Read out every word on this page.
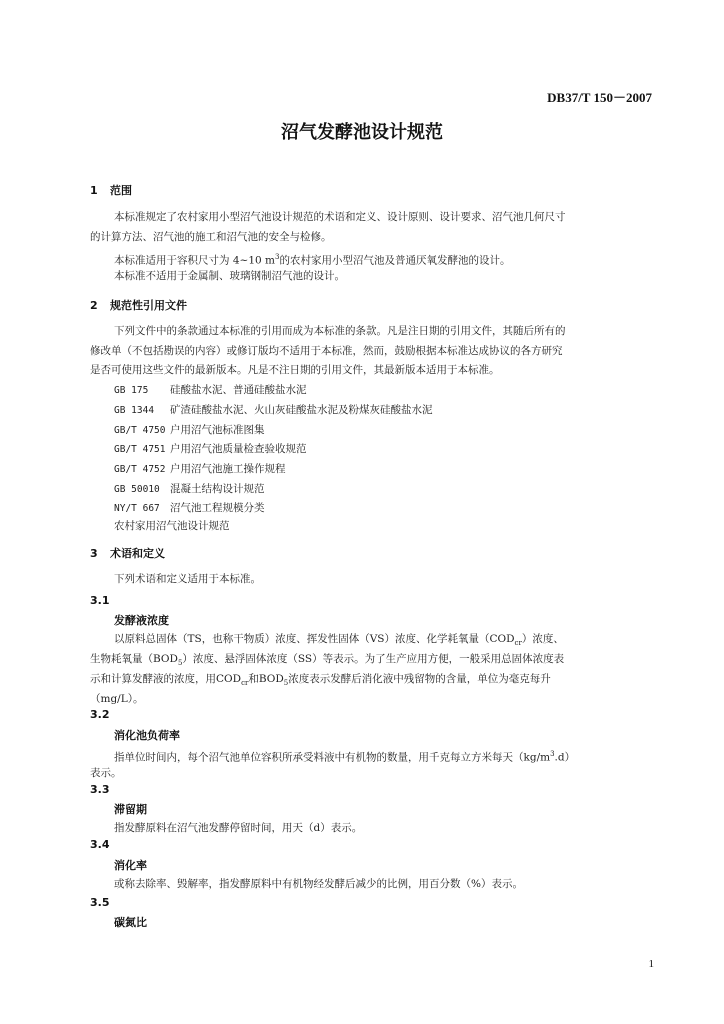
DB37/T 150－2007
沼气发酵池设计规范
1 范围
本标准规定了农村家用小型沼气池设计规范的术语和定义、设计原则、设计要求、沼气池几何尺寸
的计算方法、沼气池的施工和沼气池的安全与检修。
本标准适用于容积尺寸为 4~10 $m^3$的农村家用小型沼气池及普通厌氧发酵池的设计。
本标准不适用于金属制、玻璃钢制沼气池的设计。
2 规范性引用文件
下列文件中的条款通过本标准的引用而成为本标准的条款。凡是注日期的引用文件，其随后所有的
修改单（不包括勘误的内容）或修订版均不适用于本标准，然而，鼓励根据本标准达成协议的各方研究
是否可使用这些文件的最新版本。凡是不注日期的引用文件，其最新版本适用于本标准。
GB 175 硅酸盐水泥、普通硅酸盐水泥
GB 1344 矿渣硅酸盐水泥、火山灰硅酸盐水泥及粉煤灰硅酸盐水泥
GB/T 4750 户用沼气池标准图集
GB/T 4751 户用沼气池质量检查验收规范
GB/T 4752 户用沼气池施工操作规程
GB 50010 混凝土结构设计规范
NY/T 667 沼气池工程规模分类
农村家用沼气池设计规范
3 术语和定义
下列术语和定义适用于本标准。
3.1
发酵液浓度
以原料总固体（TS，也称干物质）浓度、挥发性固体（VS）浓度、化学耗氧量$(COD_{cr})$浓度、
生物耗氧量$(BOD_5)$浓度、悬浮固体浓度（SS）等表示。为了生产应用方便，一般采用总固体浓度表
示和计算发酵液的浓度，用$COD_{cr}$和$BOD_5$浓度表示发酵后消化液中残留物的含量，单位为毫克每升
（mg/L）。
3.2
消化池负荷率
指单位时间内，每个沼气池单位容积所承受料液中有机物的数量，用千克每立方米每天$(kg/m^3.d)$
表示。
3.3
滞留期
指发酵原料在沼气池发酵停留时间，用天（d）表示。
3.4
消化率
或称去除率、毁解率，指发酵原料中有机物经发酵后减少的比例，用百分数（%）表示。
3.5
碳氮比
1
